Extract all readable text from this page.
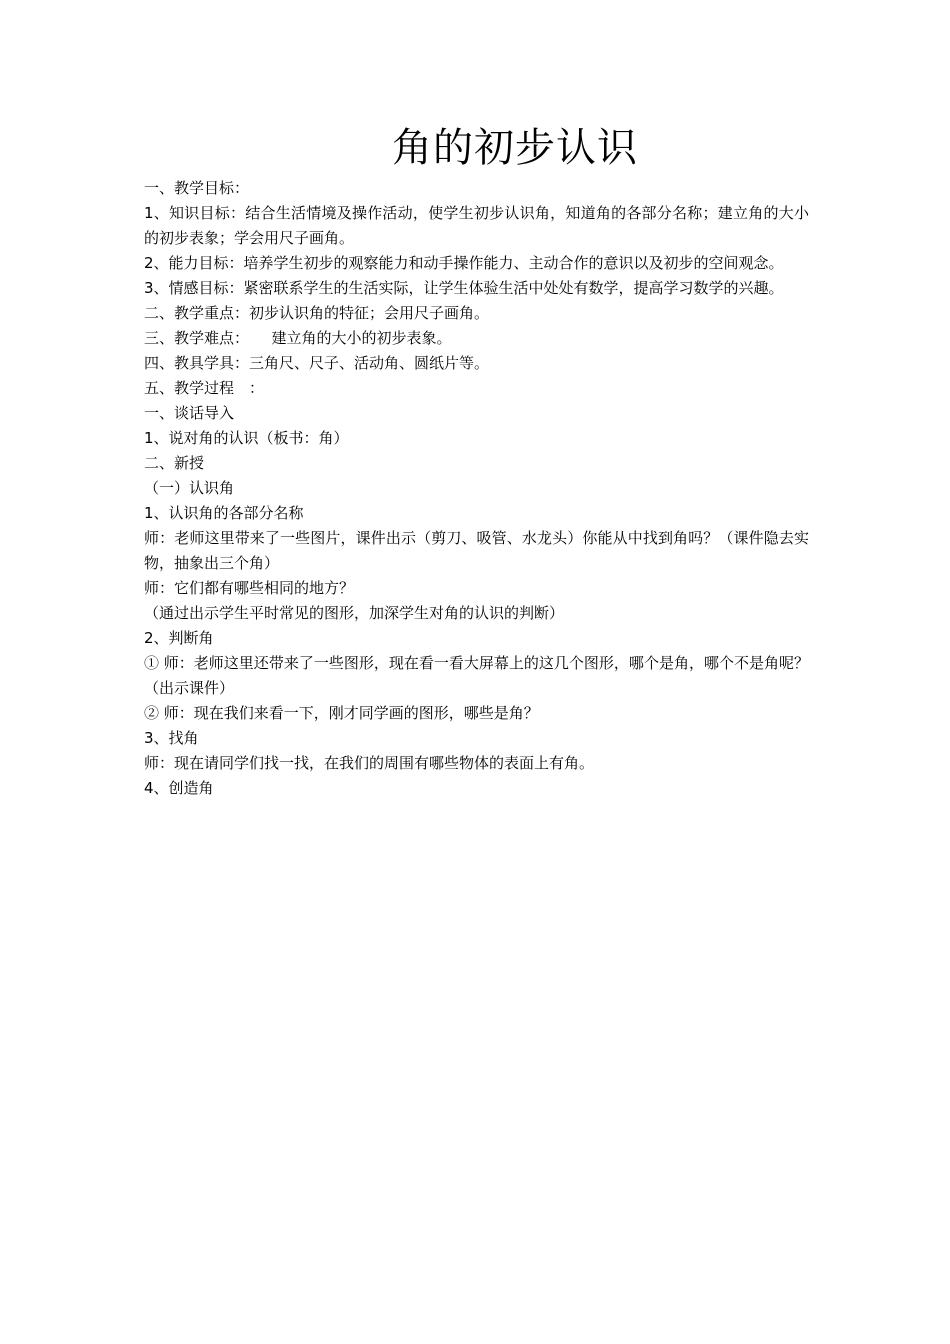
角的初步认识

一、教学目标：

1、知识目标：结合生活情境及操作活动，使学生初步认识角，知道角的各部分名称；建立角的大小的初步表象；学会用尺子画角。

2、能力目标：培养学生初步的观察能力和动手操作能力、主动合作的意识以及初步的空间观念。

3、情感目标：紧密联系学生的生活实际，让学生体验生活中处处有数学，提高学习数学的兴趣。

二、教学重点：初步认识角的特征；会用尺子画角。

三、教学难点：　　建立角的大小的初步表象。

四、教具学具：三角尺、尺子、活动角、圆纸片等。

五、教学过程　：

一、谈话导入

1、说对角的认识（板书：角）

二、新授

（一）认识角

1、认识角的各部分名称

师：老师这里带来了一些图片，课件出示（剪刀、吸管、水龙头）你能从中找到角吗？（课件隐去实物，抽象出三个角）

师：它们都有哪些相同的地方？

（通过出示学生平时常见的图形，加深学生对角的认识的判断）

2、判断角

① 师：老师这里还带来了一些图形，现在看一看大屏幕上的这几个图形，哪个是角，哪个不是角呢？（出示课件）

② 师：现在我们来看一下，刚才同学画的图形，哪些是角？

3、找角

师：现在请同学们找一找，在我们的周围有哪些物体的表面上有角。

4、创造角
